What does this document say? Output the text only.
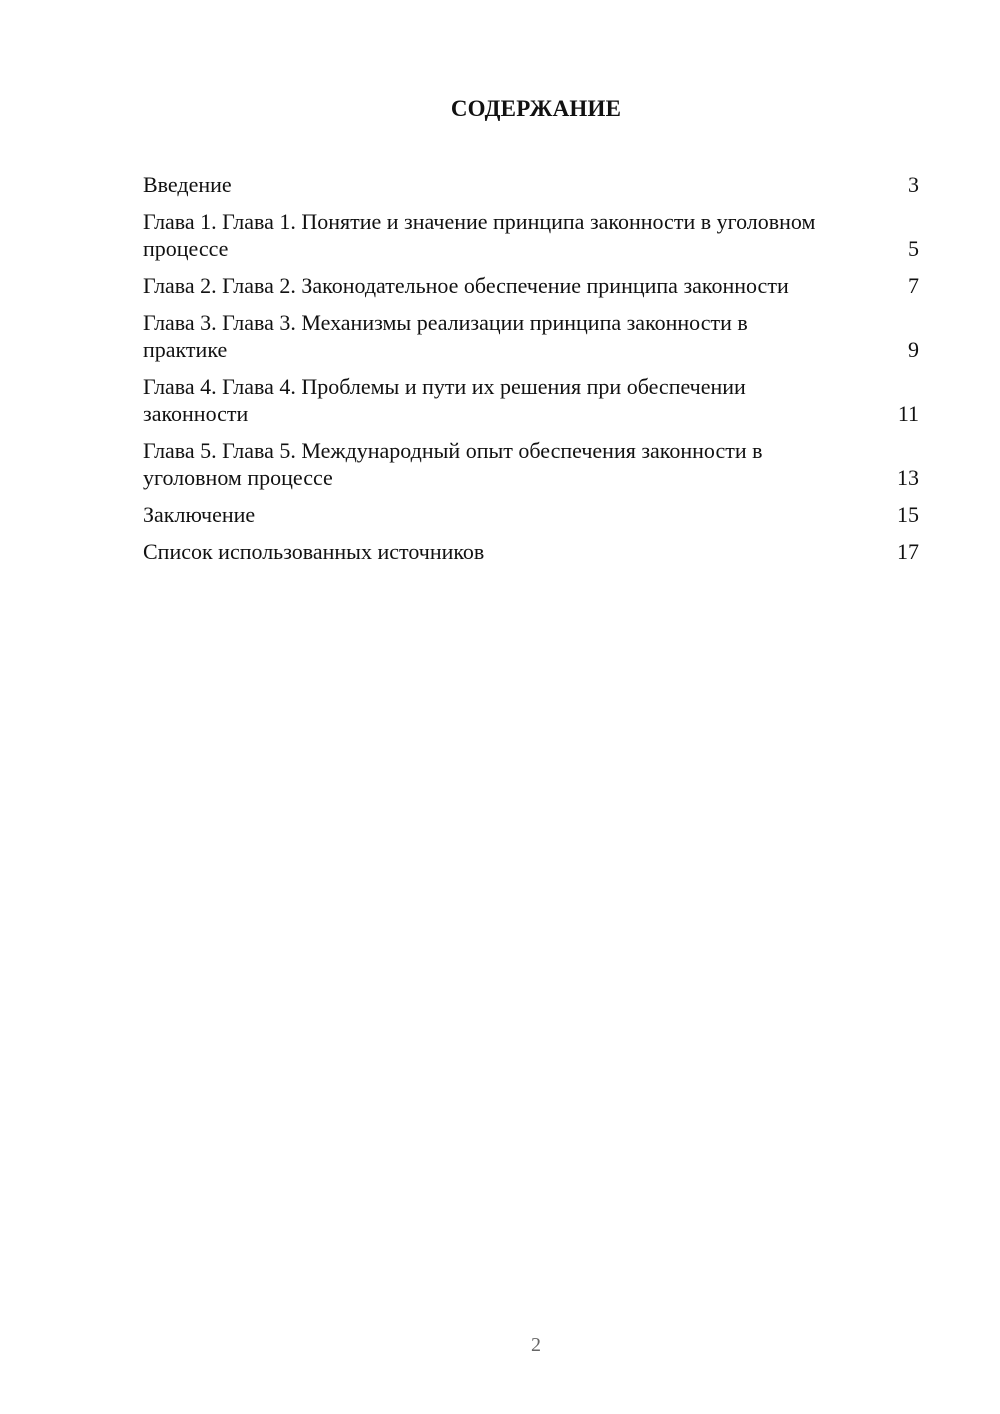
СОДЕРЖАНИЕ
Введение	3
Глава 1. Глава 1. Понятие и значение принципа законности в уголовном процессе	5
Глава 2. Глава 2. Законодательное обеспечение принципа законности	7
Глава 3. Глава 3. Механизмы реализации принципа законности в практике	9
Глава 4. Глава 4. Проблемы и пути их решения при обеспечении законности	11
Глава 5. Глава 5. Международный опыт обеспечения законности в уголовном процессе	13
Заключение	15
Список использованных источников	17
2
